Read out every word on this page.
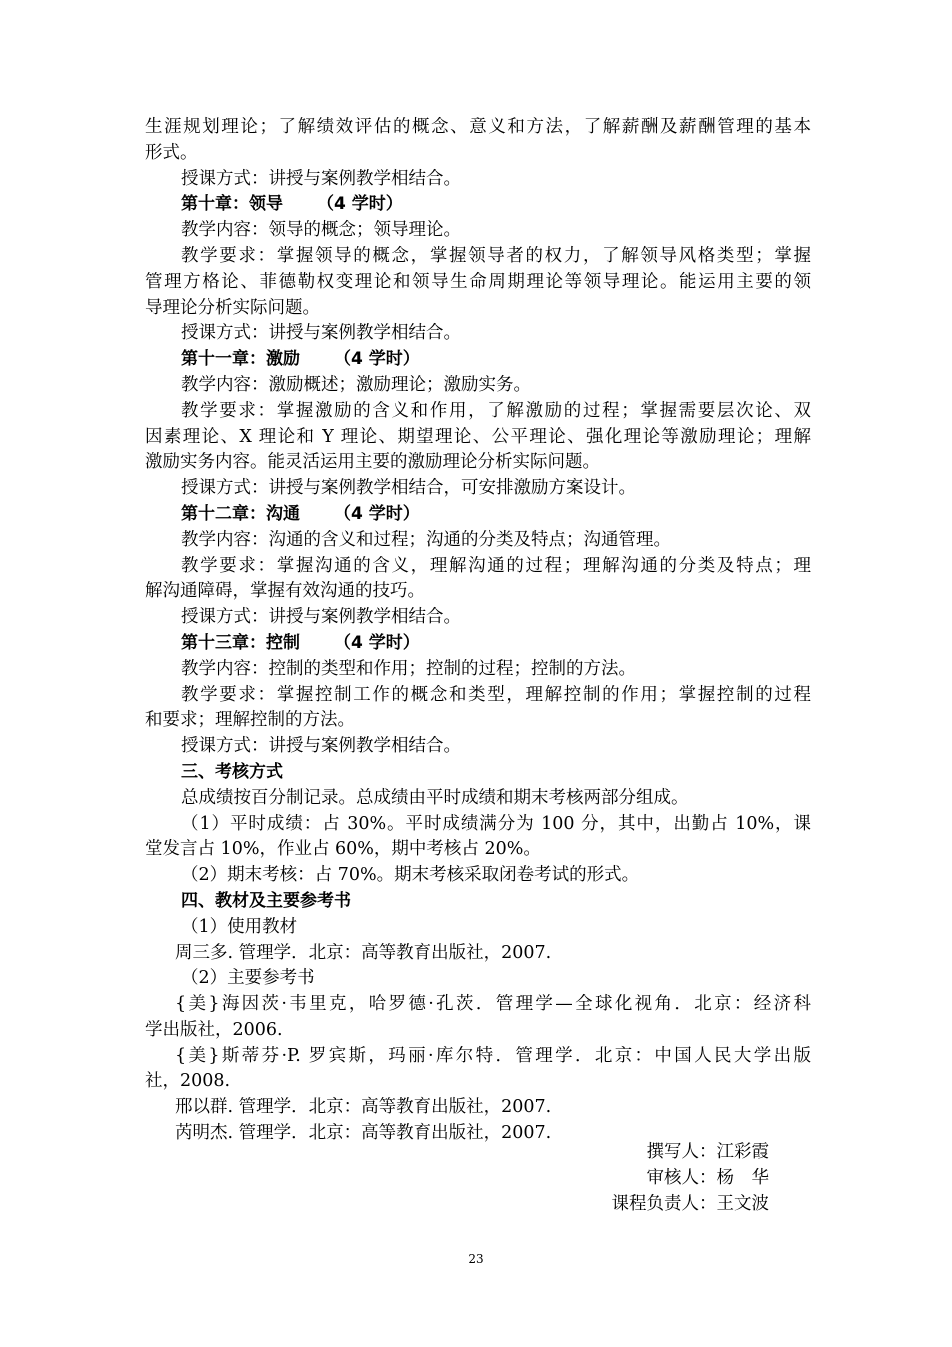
生涯规划理论；了解绩效评估的概念、意义和方法，了解薪酬及薪酬管理的基本
形式。
授课方式：讲授与案例教学相结合。
第十章：领导 （4 学时）
教学内容：领导的概念；领导理论。
教学要求：掌握领导的概念，掌握领导者的权力，了解领导风格类型；掌握
管理方格论、菲德勒权变理论和领导生命周期理论等领导理论。能运用主要的领
导理论分析实际问题。
授课方式：讲授与案例教学相结合。
第十一章：激励 （4 学时）
教学内容：激励概述；激励理论；激励实务。
教学要求：掌握激励的含义和作用，了解激励的过程；掌握需要层次论、双
因素理论、X 理论和 Y 理论、期望理论、公平理论、强化理论等激励理论；理解
激励实务内容。能灵活运用主要的激励理论分析实际问题。
授课方式：讲授与案例教学相结合，可安排激励方案设计。
第十二章：沟通 （4 学时）
教学内容：沟通的含义和过程；沟通的分类及特点；沟通管理。
教学要求：掌握沟通的含义，理解沟通的过程；理解沟通的分类及特点；理
解沟通障碍，掌握有效沟通的技巧。
授课方式：讲授与案例教学相结合。
第十三章：控制 （4 学时）
教学内容：控制的类型和作用；控制的过程；控制的方法。
教学要求：掌握控制工作的概念和类型，理解控制的作用；掌握控制的过程
和要求；理解控制的方法。
授课方式：讲授与案例教学相结合。
三、考核方式
总成绩按百分制记录。总成绩由平时成绩和期末考核两部分组成。
（1）平时成绩：占 30%。平时成绩满分为 100 分，其中，出勤占 10%，课
堂发言占 10%，作业占 60%，期中考核占 20%。
（2）期末考核：占 70%。期末考核采取闭卷考试的形式。
四、教材及主要参考书
（1）使用教材
周三多. 管理学．北京：高等教育出版社，2007.
（2）主要参考书
{美}海因茨·韦里克，哈罗德·孔茨．管理学—全球化视角．北京：经济科
学出版社，2006.
{美}斯蒂芬·P. 罗宾斯，玛丽·库尔特．管理学．北京：中国人民大学出版
社，2008.
邢以群. 管理学．北京：高等教育出版社，2007.
芮明杰. 管理学．北京：高等教育出版社，2007.
撰写人：江彩霞
审核人：杨　华
课程负责人：王文波
23
